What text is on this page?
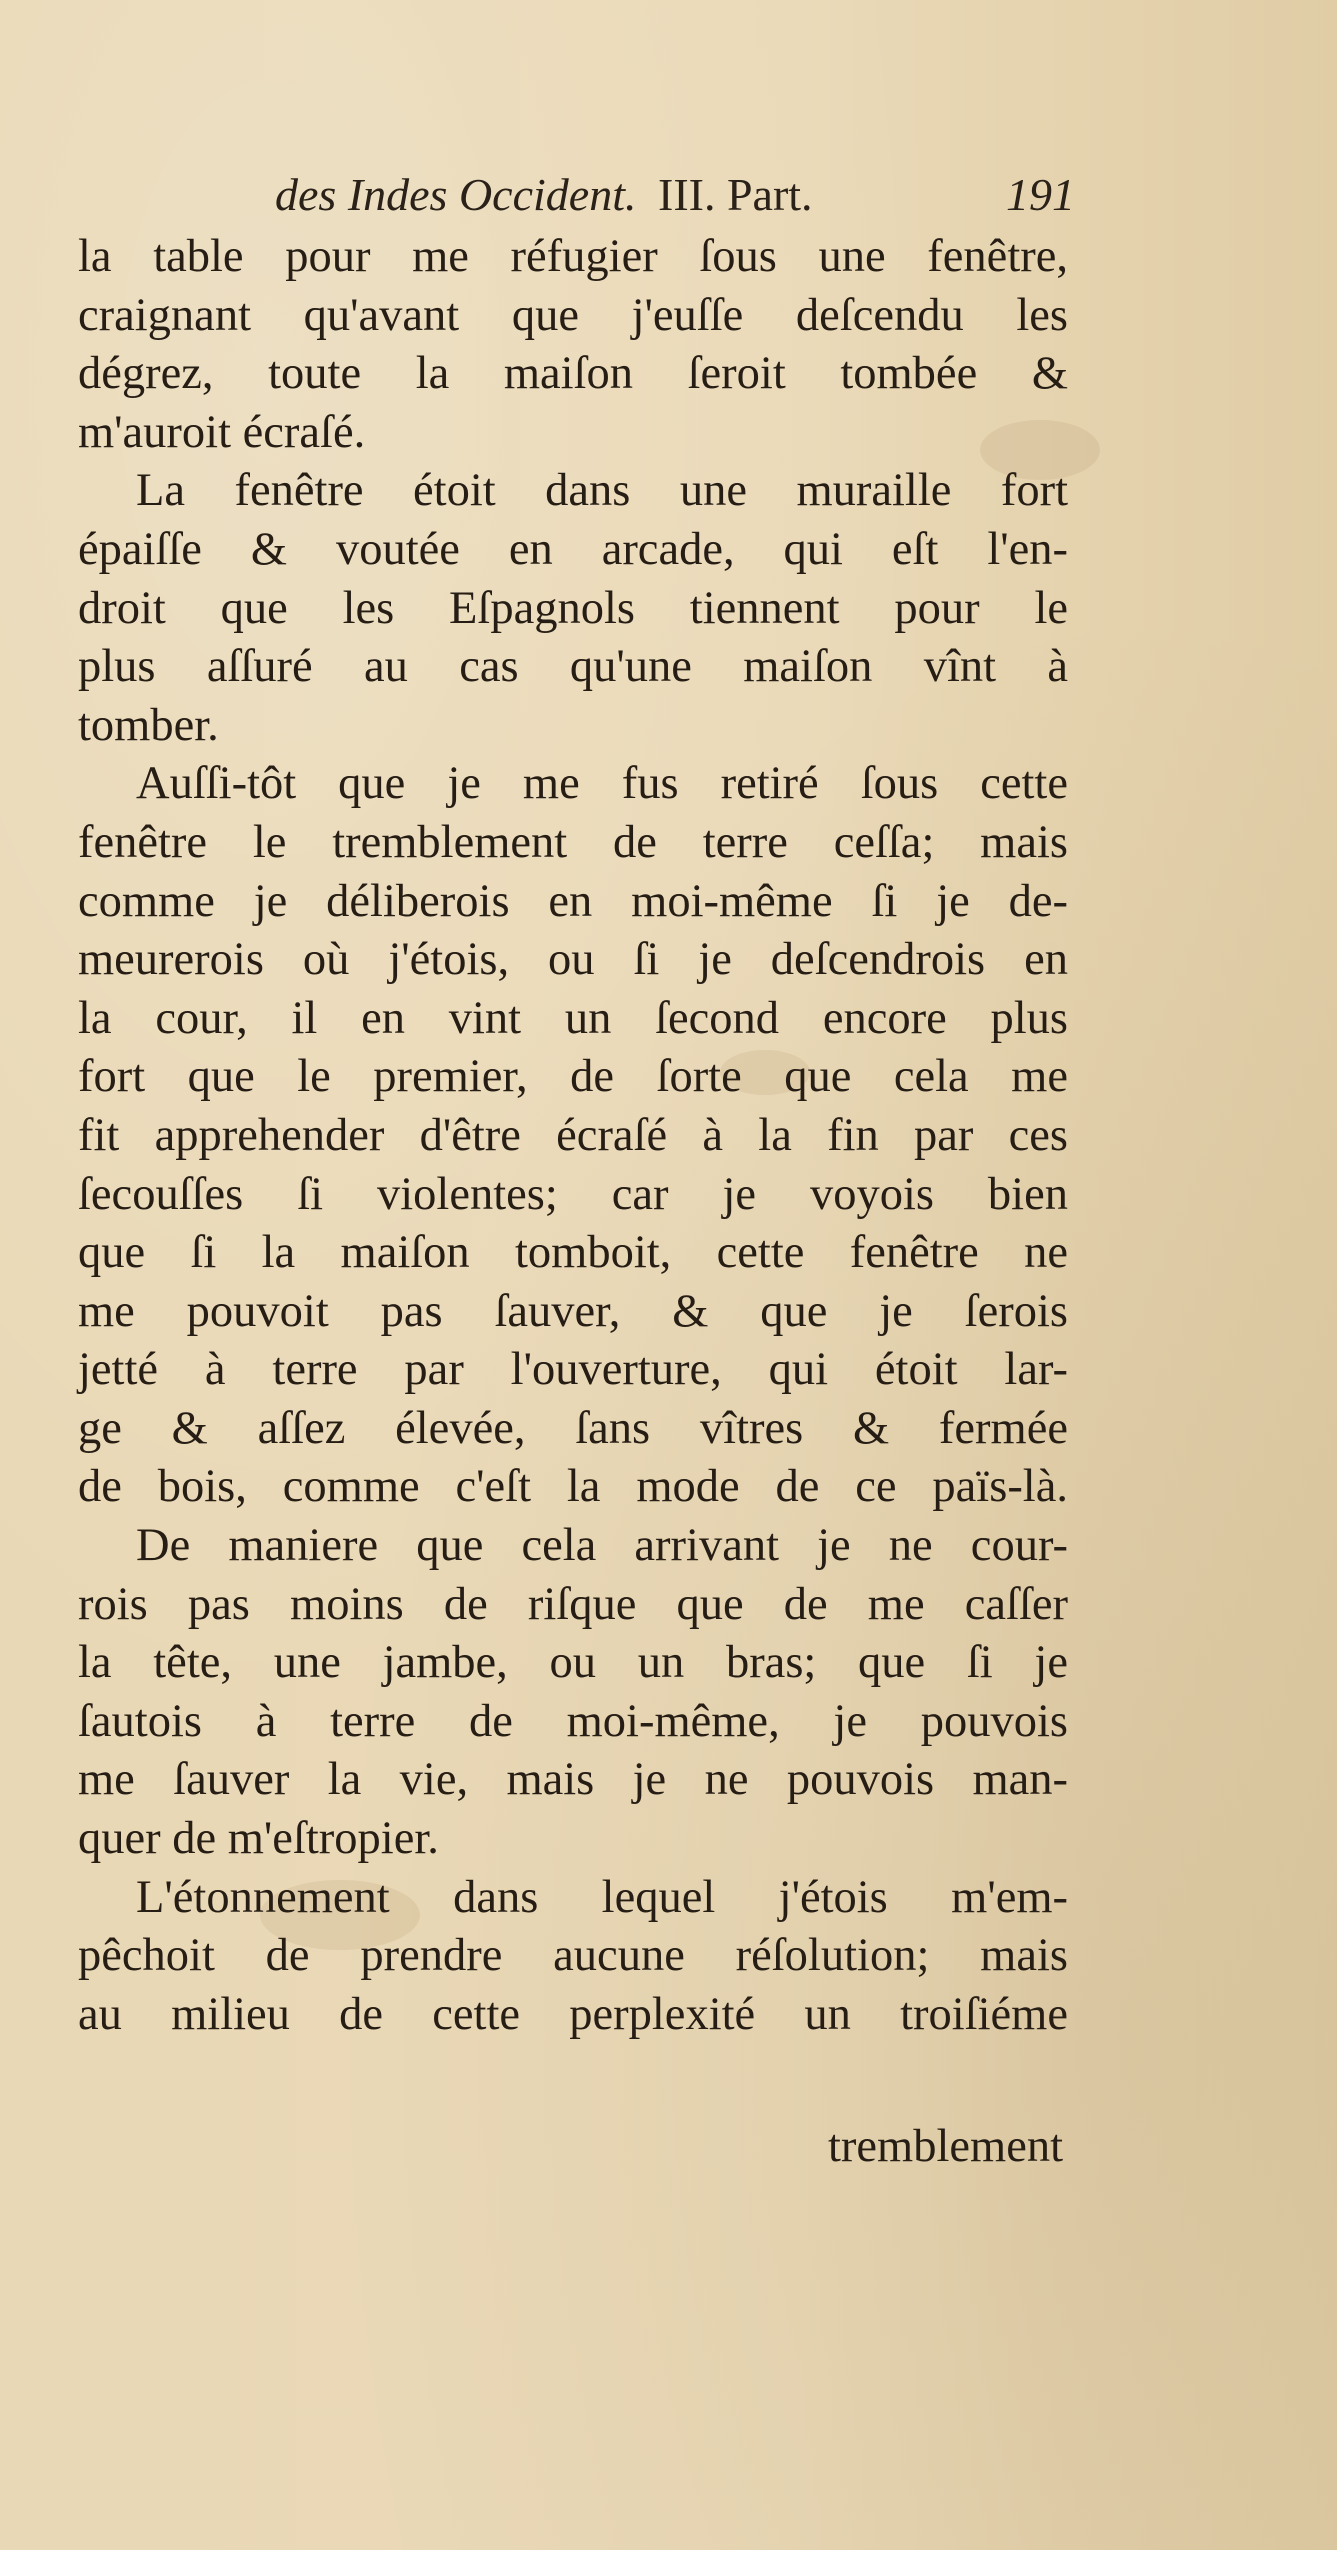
des Indes Occident. III. Part.	191
la table pour me réfugier ſous une fenêtre,
craignant qu'avant que j'euſſe deſcendu les
dégrez, toute la maiſon ſeroit tombée &
m'auroit écraſé.
La fenêtre étoit dans une muraille fort
épaiſſe & voutée en arcade, qui eſt l'en-
droit que les Eſpagnols tiennent pour le
plus aſſuré au cas qu'une maiſon vînt à
tomber.
Auſſi-tôt que je me fus retiré ſous cette
fenêtre le tremblement de terre ceſſa; mais
comme je déliberois en moi-même ſi je de-
meurerois où j'étois, ou ſi je deſcendrois en
la cour, il en vint un ſecond encore plus
fort que le premier, de ſorte que cela me
fit apprehender d'être écraſé à la fin par ces
ſecouſſes ſi violentes; car je voyois bien
que ſi la maiſon tomboit, cette fenêtre ne
me pouvoit pas ſauver, & que je ſerois
jetté à terre par l'ouverture, qui étoit lar-
ge & aſſez élevée, ſans vîtres & fermée
de bois, comme c'eſt la mode de ce païs-là.
De maniere que cela arrivant je ne cour-
rois pas moins de riſque que de me caſſer
la tête, une jambe, ou un bras; que ſi je
ſautois à terre de moi-même, je pouvois
me ſauver la vie, mais je ne pouvois man-
quer de m'eſtropier.
L'étonnement dans lequel j'étois m'em-
pêchoit de prendre aucune réſolution; mais
au milieu de cette perplexité un troiſiéme
tremblement
